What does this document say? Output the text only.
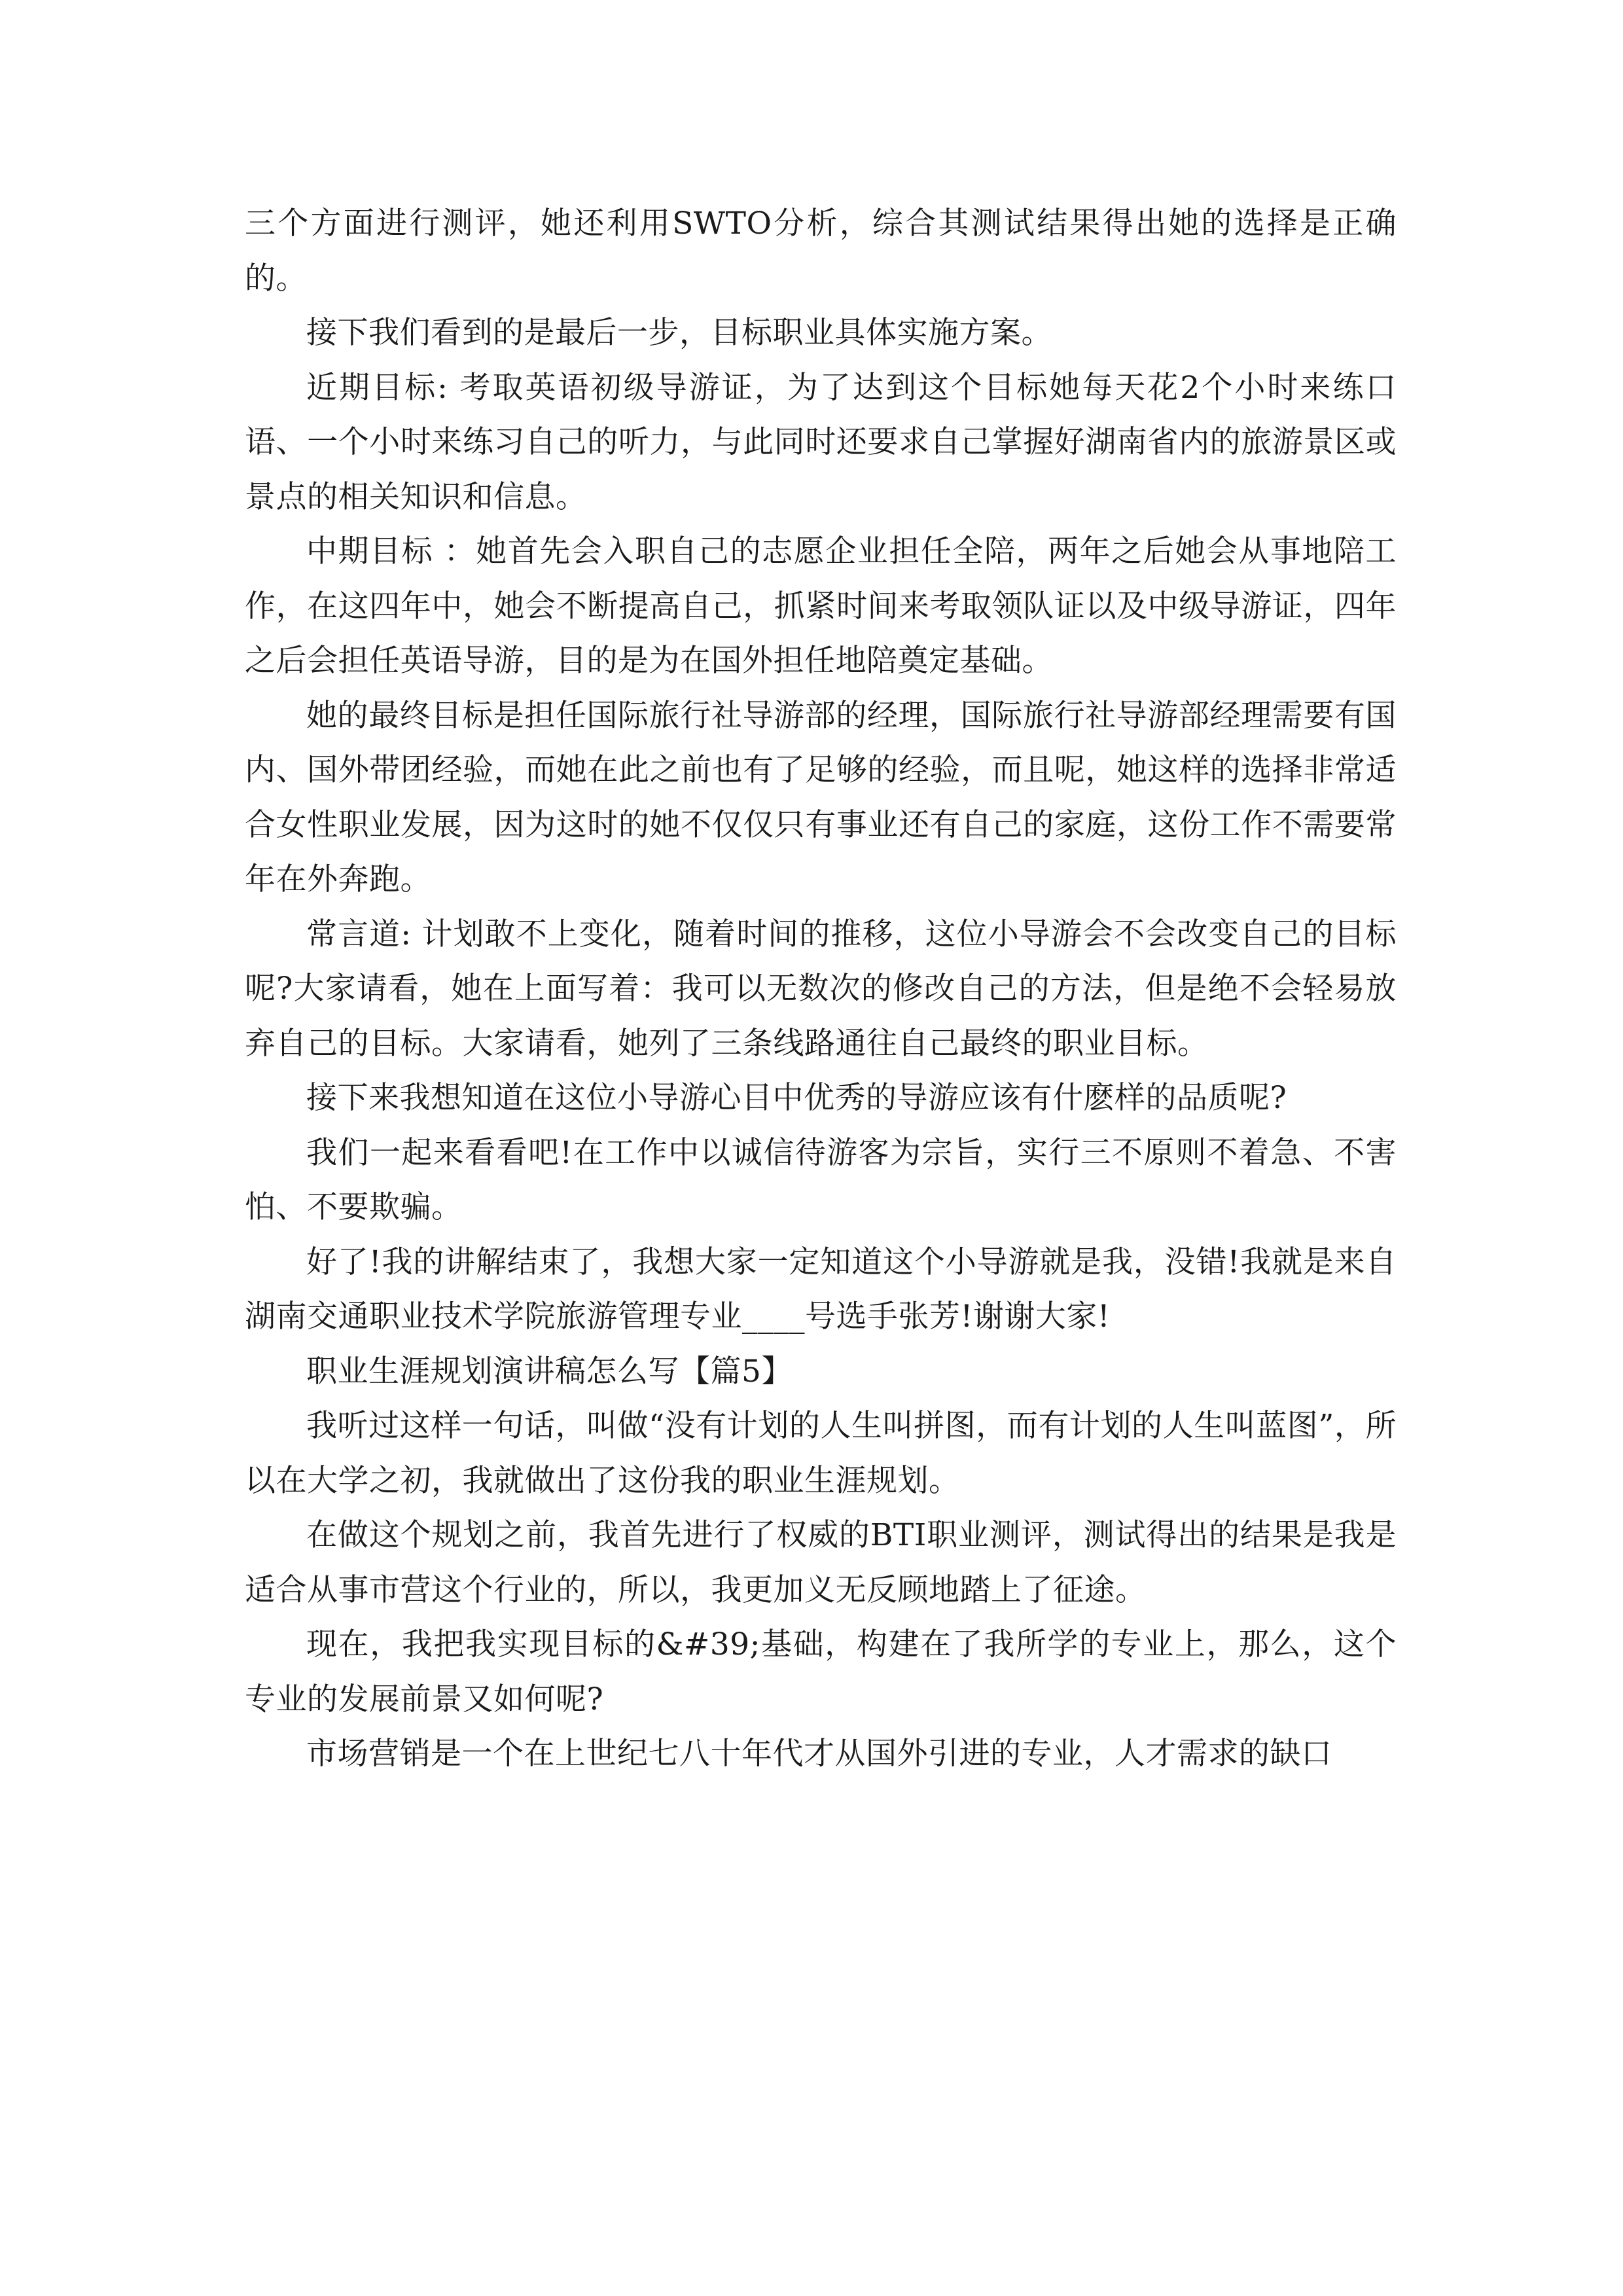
三个方面进行测评，她还利用SWTO分析，综合其测试结果得出她的选择是正确的。

接下我们看到的是最后一步，目标职业具体实施方案。

近期目标: 考取英语初级导游证，为了达到这个目标她每天花2个小时来练口语、一个小时来练习自己的听力，与此同时还要求自己掌握好湖南省内的旅游景区或景点的相关知识和信息。

中期目标 ：她首先会入职自己的志愿企业担任全陪，两年之后她会从事地陪工作，在这四年中，她会不断提高自己，抓紧时间来考取领队证以及中级导游证，四年之后会担任英语导游，目的是为在国外担任地陪奠定基础。

她的最终目标是担任国际旅行社导游部的经理，国际旅行社导游部经理需要有国内、国外带团经验，而她在此之前也有了足够的经验，而且呢，她这样的选择非常适合女性职业发展，因为这时的她不仅仅只有事业还有自己的家庭，这份工作不需要常年在外奔跑。

常言道: 计划敢不上变化，随着时间的推移，这位小导游会不会改变自己的目标呢?大家请看，她在上面写着：我可以无数次的修改自己的方法，但是绝不会轻易放弃自己的目标。大家请看，她列了三条线路通往自己最终的职业目标。

接下来我想知道在这位小导游心目中优秀的导游应该有什麽样的品质呢?

我们一起来看看吧!在工作中以诚信待游客为宗旨，实行三不原则不着急、不害怕、不要欺骗。

好了!我的讲解结束了，我想大家一定知道这个小导游就是我，没错!我就是来自湖南交通职业技术学院旅游管理专业____号选手张芳!谢谢大家!

职业生涯规划演讲稿怎么写【篇5】

我听过这样一句话，叫做“没有计划的人生叫拼图，而有计划的人生叫蓝图”，所以在大学之初，我就做出了这份我的职业生涯规划。

在做这个规划之前，我首先进行了权威的BTI职业测评，测试得出的结果是我是适合从事市营这个行业的，所以，我更加义无反顾地踏上了征途。

现在，我把我实现目标的&#39;基础，构建在了我所学的专业上，那么，这个专业的发展前景又如何呢?

市场营销是一个在上世纪七八十年代才从国外引进的专业，人才需求的缺口
